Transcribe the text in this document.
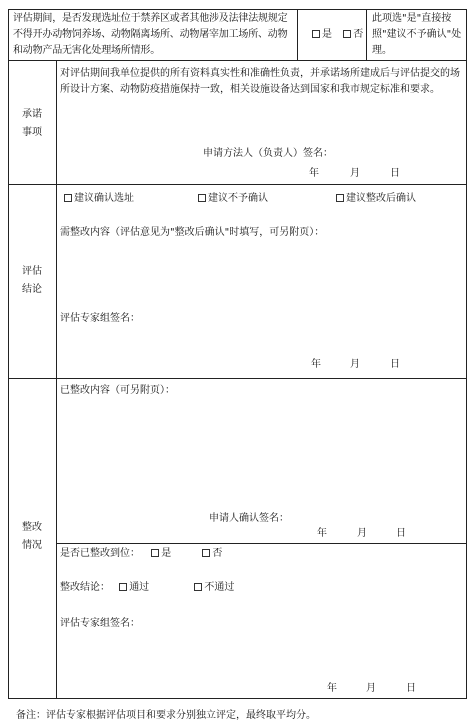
评估期间，是否发现选址位于禁养区或者其他涉及法律法规规定不得开办动物饲养场、动物隔离场所、动物屠宰加工场所、动物和动物产品无害化处理场所情形。
是 否
此项选"是"直接按照"建议不予确认"处理。
承诺
事项
对评估期间我单位提供的所有资料真实性和准确性负责，并承诺场所建成后与评估提交的场所设计方案、动物防疫措施保持一致，相关设施设备达到国家和我市规定标准和要求。
申请方法人（负责人）签名：
年	月	日
评估
结论
建议确认选址	建议不予确认	建议整改后确认
需整改内容（评估意见为"整改后确认"时填写，可另附页）：
评估专家组签名：
年	月	日
整改
情况
已整改内容（可另附页）：
申请人确认签名：
年	月	日
是否已整改到位： 是	否
整改结论： 通过	不通过
评估专家组签名：
年	月	日
备注：评估专家根据评估项目和要求分别独立评定，最终取平均分。
